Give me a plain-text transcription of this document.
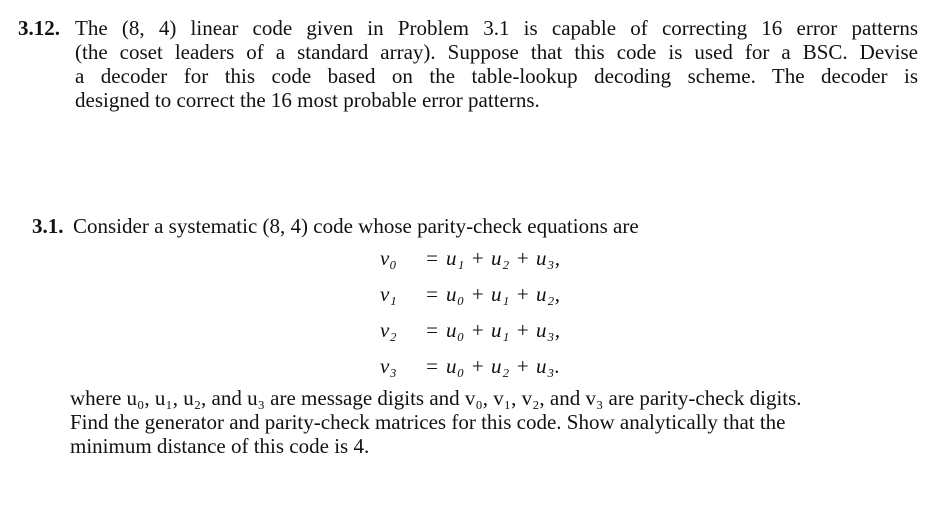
3.12. The (8, 4) linear code given in Problem 3.1 is capable of correcting 16 error patterns
(the coset leaders of a standard array). Suppose that this code is used for a BSC. Devise
a decoder for this code based on the table-lookup decoding scheme. The decoder is
designed to correct the 16 most probable error patterns.
3.1. Consider a systematic (8, 4) code whose parity-check equations are
v₀	= u₁ + u₂ + u₃,
v₁	= u₀ + u₁ + u₂,
v₂	= u₀ + u₁ + u₃,
v₃	= u₀ + u₂ + u₃.
where u₀, u₁, u₂, and u₃ are message digits and v₀, v₁, v₂, and v₃ are parity-check digits.
Find the generator and parity-check matrices for this code. Show analytically that the
minimum distance of this code is 4.
